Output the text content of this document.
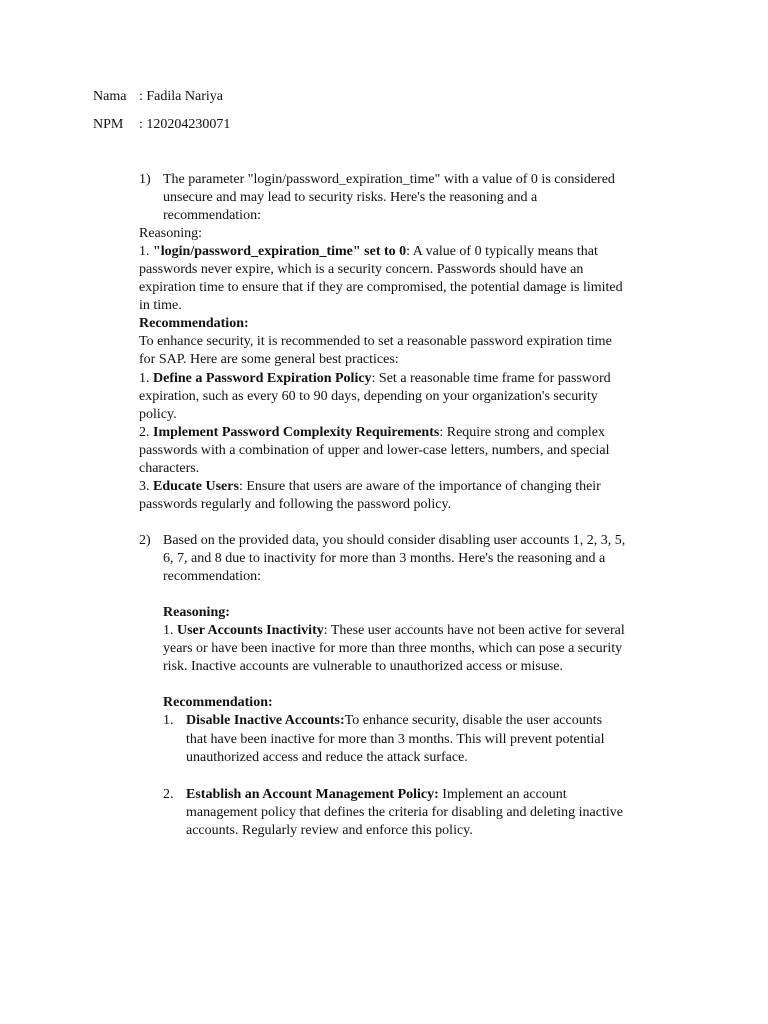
Nama : Fadila Nariya
NPM : 120204230071
1) The parameter "login/password_expiration_time" with a value of 0 is considered
unsecure and may lead to security risks. Here's the reasoning and a
recommendation:
Reasoning:
1. "login/password_expiration_time" set to 0: A value of 0 typically means that
passwords never expire, which is a security concern. Passwords should have an
expiration time to ensure that if they are compromised, the potential damage is limited
in time.
Recommendation:
To enhance security, it is recommended to set a reasonable password expiration time
for SAP. Here are some general best practices:
1. Define a Password Expiration Policy: Set a reasonable time frame for password
expiration, such as every 60 to 90 days, depending on your organization's security
policy.
2. Implement Password Complexity Requirements: Require strong and complex
passwords with a combination of upper and lower-case letters, numbers, and special
characters.
3. Educate Users: Ensure that users are aware of the importance of changing their
passwords regularly and following the password policy.
2) Based on the provided data, you should consider disabling user accounts 1, 2, 3, 5,
6, 7, and 8 due to inactivity for more than 3 months. Here's the reasoning and a
recommendation:
Reasoning:
1. User Accounts Inactivity: These user accounts have not been active for several
years or have been inactive for more than three months, which can pose a security
risk. Inactive accounts are vulnerable to unauthorized access or misuse.
Recommendation:
1. Disable Inactive Accounts:To enhance security, disable the user accounts
that have been inactive for more than 3 months. This will prevent potential
unauthorized access and reduce the attack surface.
2. Establish an Account Management Policy: Implement an account
management policy that defines the criteria for disabling and deleting inactive
accounts. Regularly review and enforce this policy.
